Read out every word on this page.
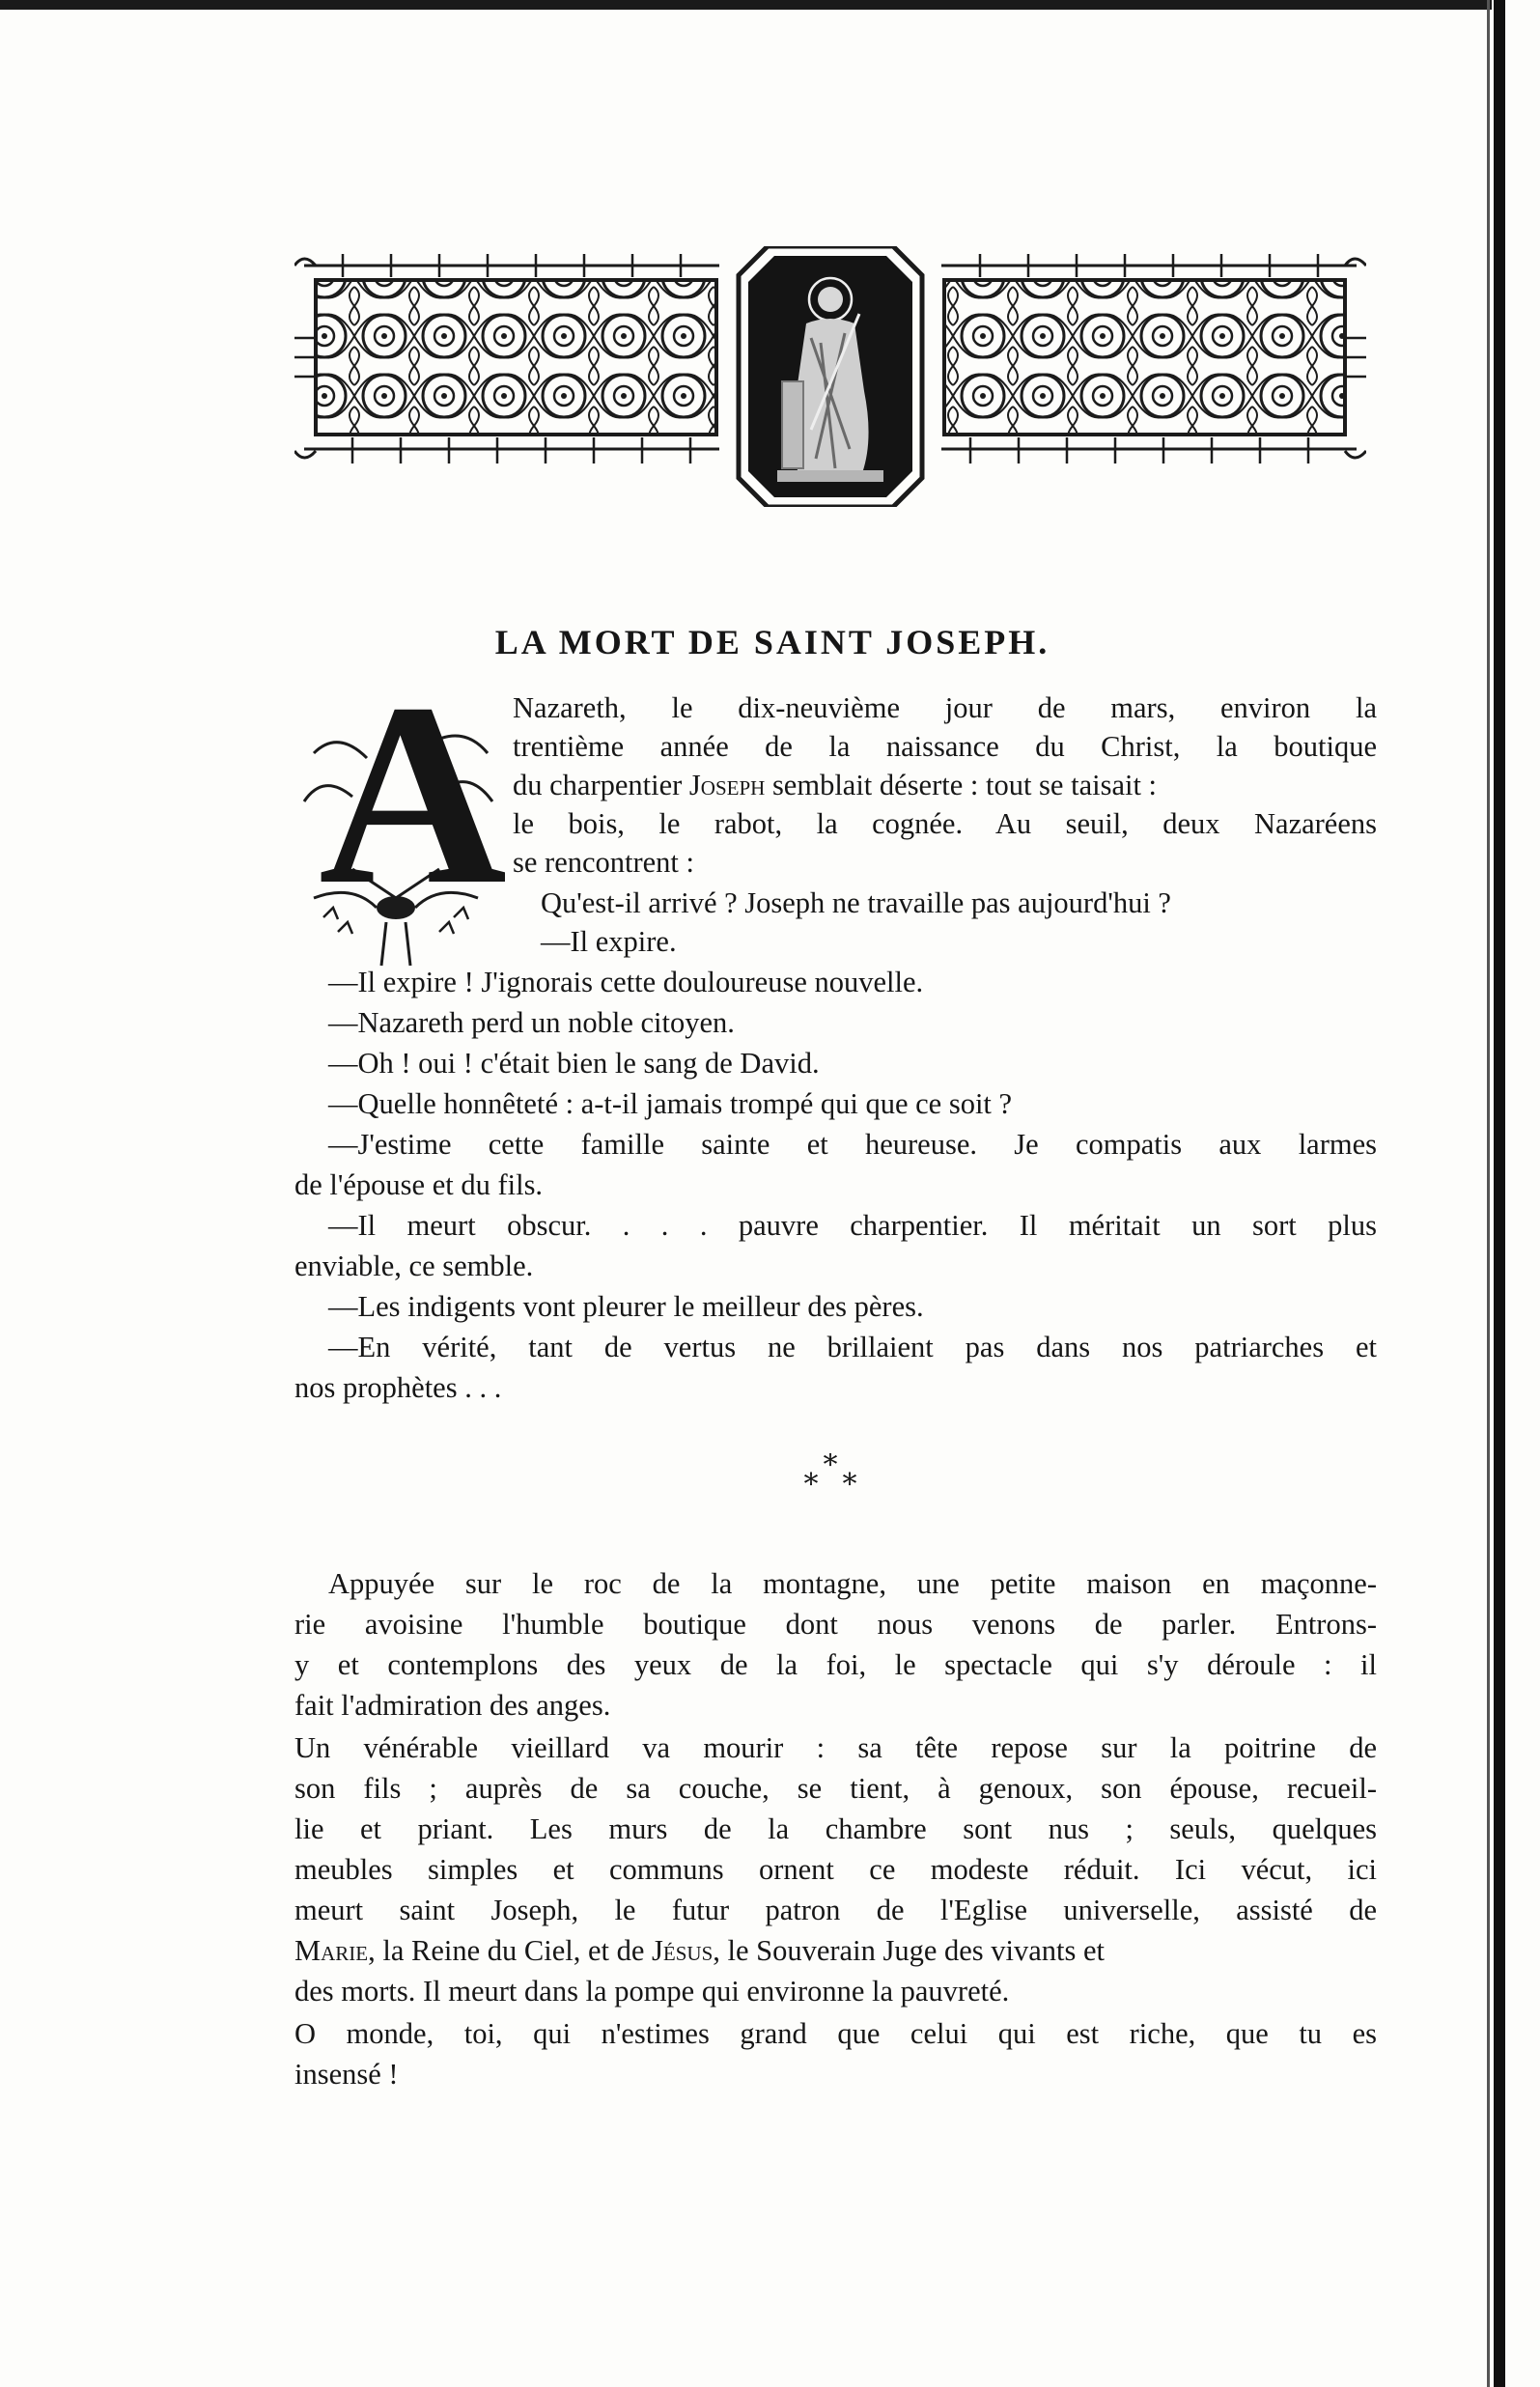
LA MORT DE SAINT JOSEPH.
A Nazareth, le dix-neuvième jour de mars, environ la

trentième année de la naissance du Christ, la boutique

du charpentier Joseph semblait déserte : tout se taisait :

le bois, le rabot, la cognée. Au seuil, deux Nazaréens

se rencontrent :

Qu'est-il arrivé ? Joseph ne travaille pas aujourd'hui ?

—Il expire.

—Il expire ! J'ignorais cette douloureuse nouvelle.

—Nazareth perd un noble citoyen.

—Oh ! oui ! c'était bien le sang de David.

—Quelle honnêteté : a-t-il jamais trompé qui que ce soit ?

—J'estime cette famille sainte et heureuse. Je compatis aux larmes

de l'épouse et du fils.

—Il meurt obscur. . . . pauvre charpentier. Il méritait un sort plus

enviable, ce semble.

—Les indigents vont pleurer le meilleur des pères.

—En vérité, tant de vertus ne brillaient pas dans nos patriarches et

nos prophètes . . .

*
* *

Appuyée sur le roc de la montagne, une petite maison en maçonne-

rie avoisine l'humble boutique dont nous venons de parler. Entrons-

y et contemplons des yeux de la foi, le spectacle qui s'y déroule : il

fait l'admiration des anges.

Un vénérable vieillard va mourir : sa tête repose sur la poitrine de

son fils ; auprès de sa couche, se tient, à genoux, son épouse, recueil-

lie et priant. Les murs de la chambre sont nus ; seuls, quelques

meubles simples et communs ornent ce modeste réduit. Ici vécut, ici

meurt saint Joseph, le futur patron de l'Eglise universelle, assisté de

Marie, la Reine du Ciel, et de Jésus, le Souverain Juge des vivants et

des morts. Il meurt dans la pompe qui environne la pauvreté.

O monde, toi, qui n'estimes grand que celui qui est riche, que tu es

insensé !
